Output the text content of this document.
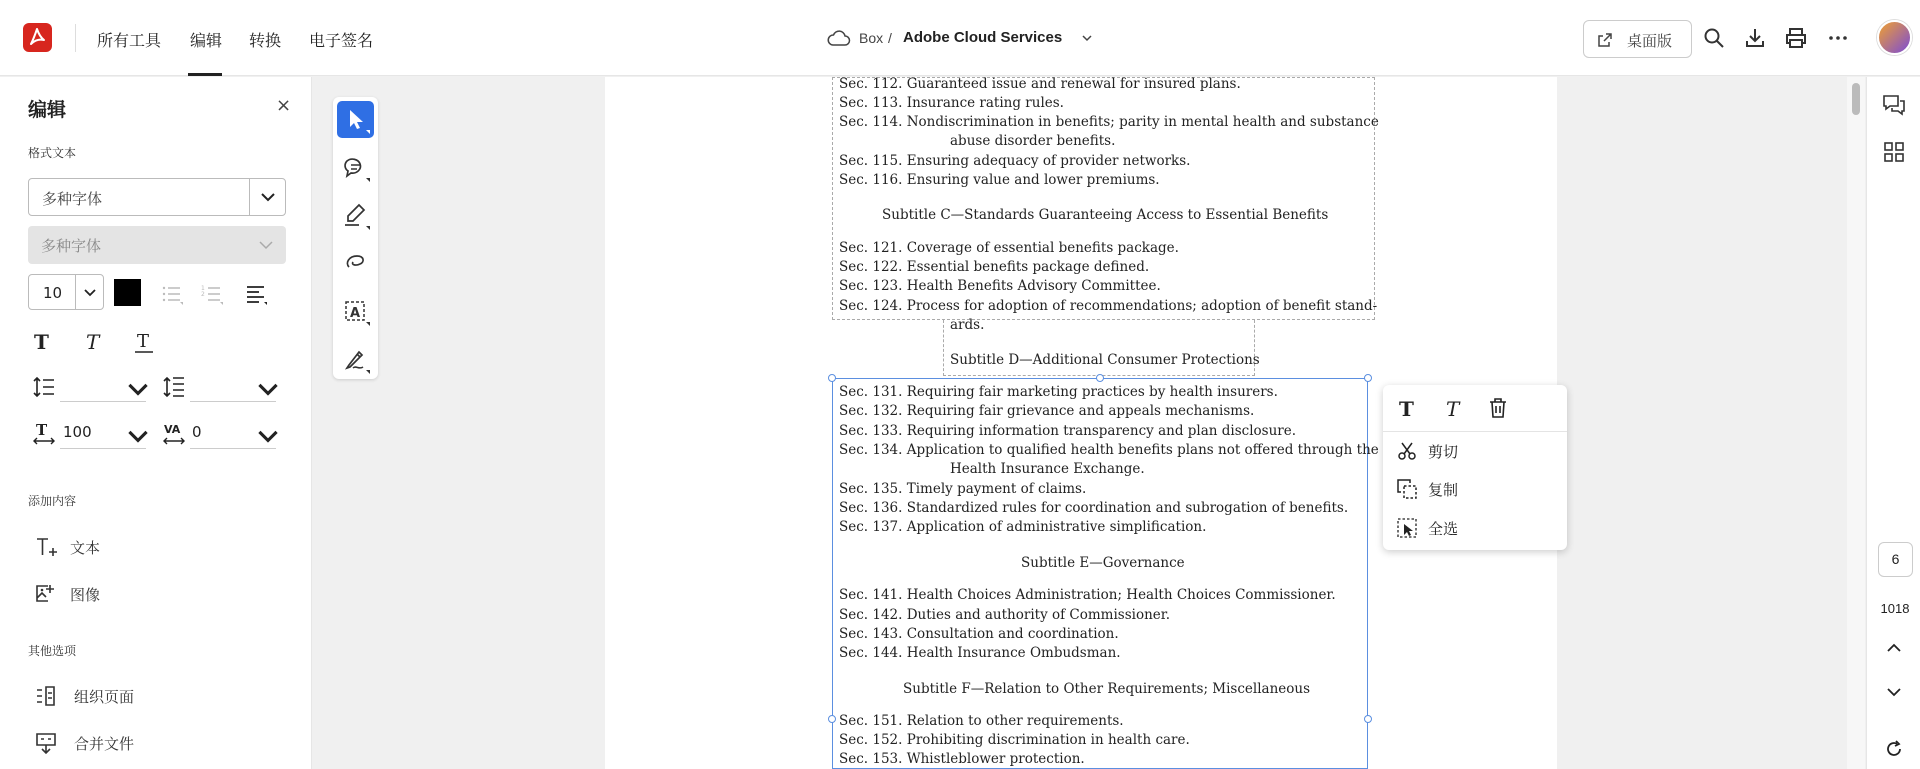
所有工具 编辑 转换 电子签名	Box / Adobe Cloud Services	桌面版
编辑	×
格式文本
多种字体
多种字体
10	1
2
T T T
T 100	VA 0
添加内容
文本
图像
其他选项
组织页面
合并文件
A
Sec. 112. Guaranteed issue and renewal for insured plans.
Sec. 113. Insurance rating rules.
Sec. 114. Nondiscrimination in benefits; parity in mental health and substance
abuse disorder benefits.
Sec. 115. Ensuring adequacy of provider networks.
Sec. 116. Ensuring value and lower premiums.
Subtitle C—Standards Guaranteeing Access to Essential Benefits
Sec. 121. Coverage of essential benefits package.
Sec. 122. Essential benefits package defined.
Sec. 123. Health Benefits Advisory Committee.
Sec. 124. Process for adoption of recommendations; adoption of benefit stand-
ards.
Subtitle D—Additional Consumer Protections
Sec. 131. Requiring fair marketing practices by health insurers.
Sec. 132. Requiring fair grievance and appeals mechanisms.
Sec. 133. Requiring information transparency and plan disclosure.
Sec. 134. Application to qualified health benefits plans not offered through the
Health Insurance Exchange.
Sec. 135. Timely payment of claims.
Sec. 136. Standardized rules for coordination and subrogation of benefits.
Sec. 137. Application of administrative simplification.
Subtitle E—Governance
Sec. 141. Health Choices Administration; Health Choices Commissioner.
Sec. 142. Duties and authority of Commissioner.
Sec. 143. Consultation and coordination.
Sec. 144. Health Insurance Ombudsman.
Subtitle F—Relation to Other Requirements; Miscellaneous
Sec. 151. Relation to other requirements.
Sec. 152. Prohibiting discrimination in health care.
Sec. 153. Whistleblower protection.
T T
剪切
复制
全选
6
1018
